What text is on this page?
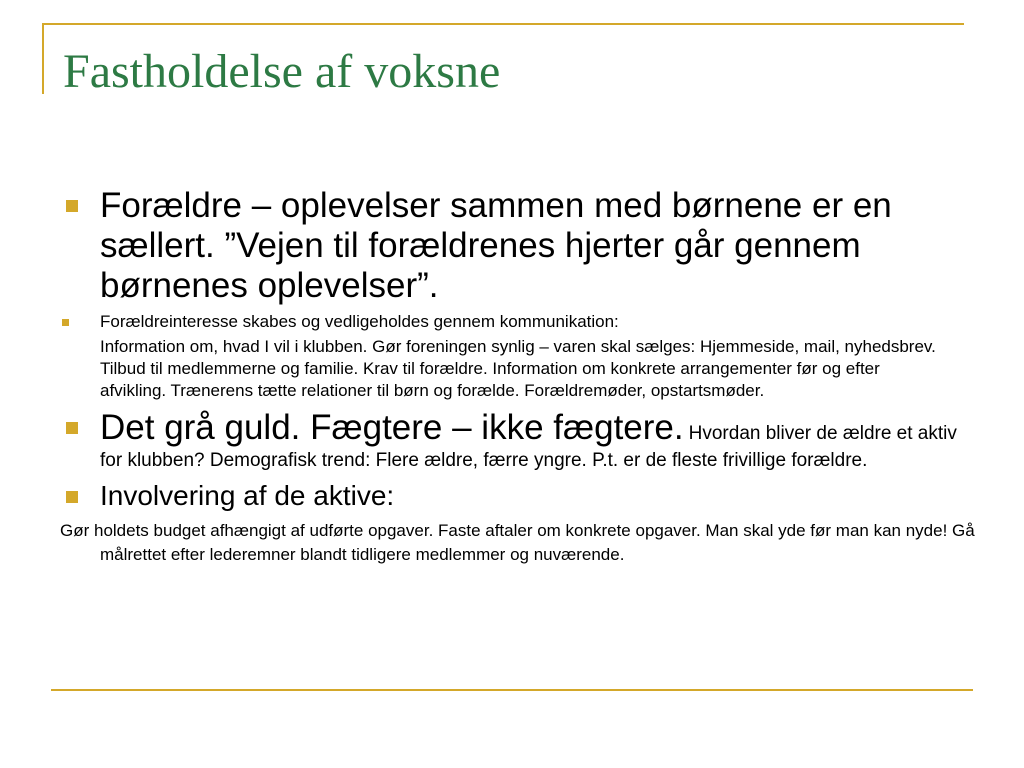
Fastholdelse af voksne
Forældre – oplevelser sammen med børnene er en sællert. ”Vejen til forældrenes hjerter går gennem børnenes oplevelser”.
Forældreinteresse skabes og vedligeholdes gennem kommunikation:
Information om, hvad I vil i klubben. Gør foreningen synlig – varen skal sælges: Hjemmeside, mail, nyhedsbrev. Tilbud til medlemmerne og familie. Krav til forældre. Information om konkrete arrangementer før og efter afvikling. Trænerens tætte relationer til børn og forælde. Forældremøder, opstartsmøder.
Det grå guld. Fægtere – ikke fægtere. Hvordan bliver de ældre et aktiv for klubben? Demografisk trend: Flere ældre, færre yngre. P.t. er de fleste frivillige forældre.
Involvering af de aktive:
Gør holdets budget afhængigt af udførte opgaver. Faste aftaler om konkrete opgaver. Man skal yde før man kan nyde! Gå målrettet efter lederemner blandt tidligere medlemmer og nuværende.
